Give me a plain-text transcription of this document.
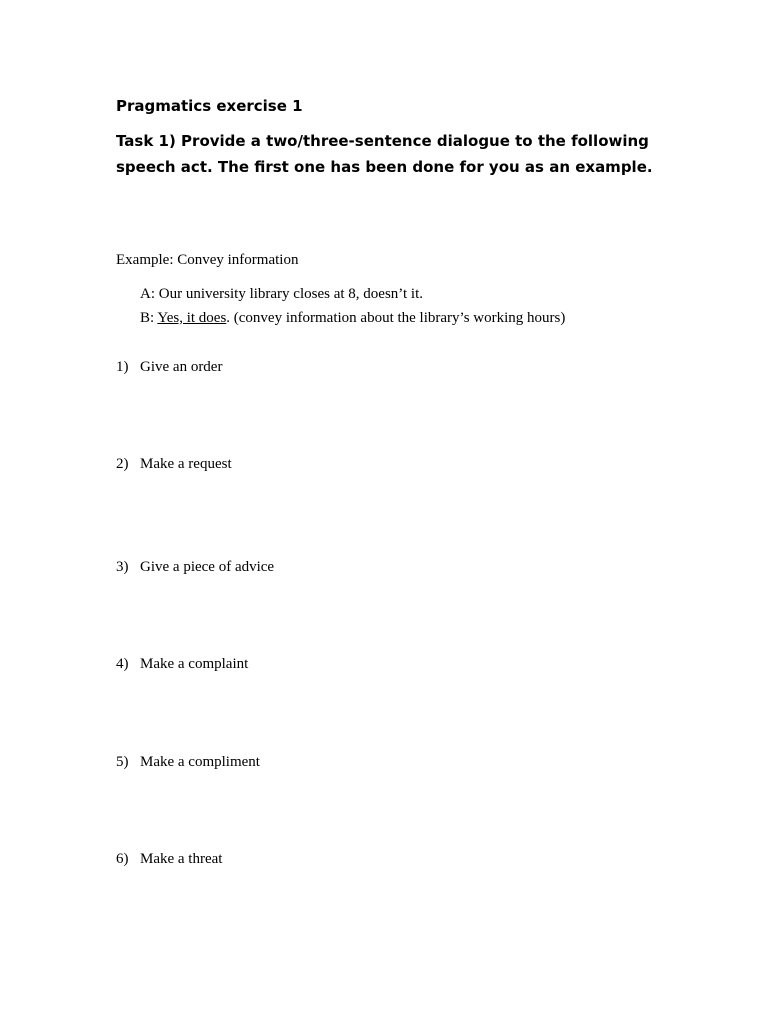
Pragmatics exercise 1
Task 1) Provide a two/three-sentence dialogue to the following speech act. The first one has been done for you as an example.
Example: Convey information
A: Our university library closes at 8, doesn’t it.
B: Yes, it does. (convey information about the library’s working hours)
1) Give an order
2) Make a request
3) Give a piece of advice
4) Make a complaint
5) Make a compliment
6) Make a threat
